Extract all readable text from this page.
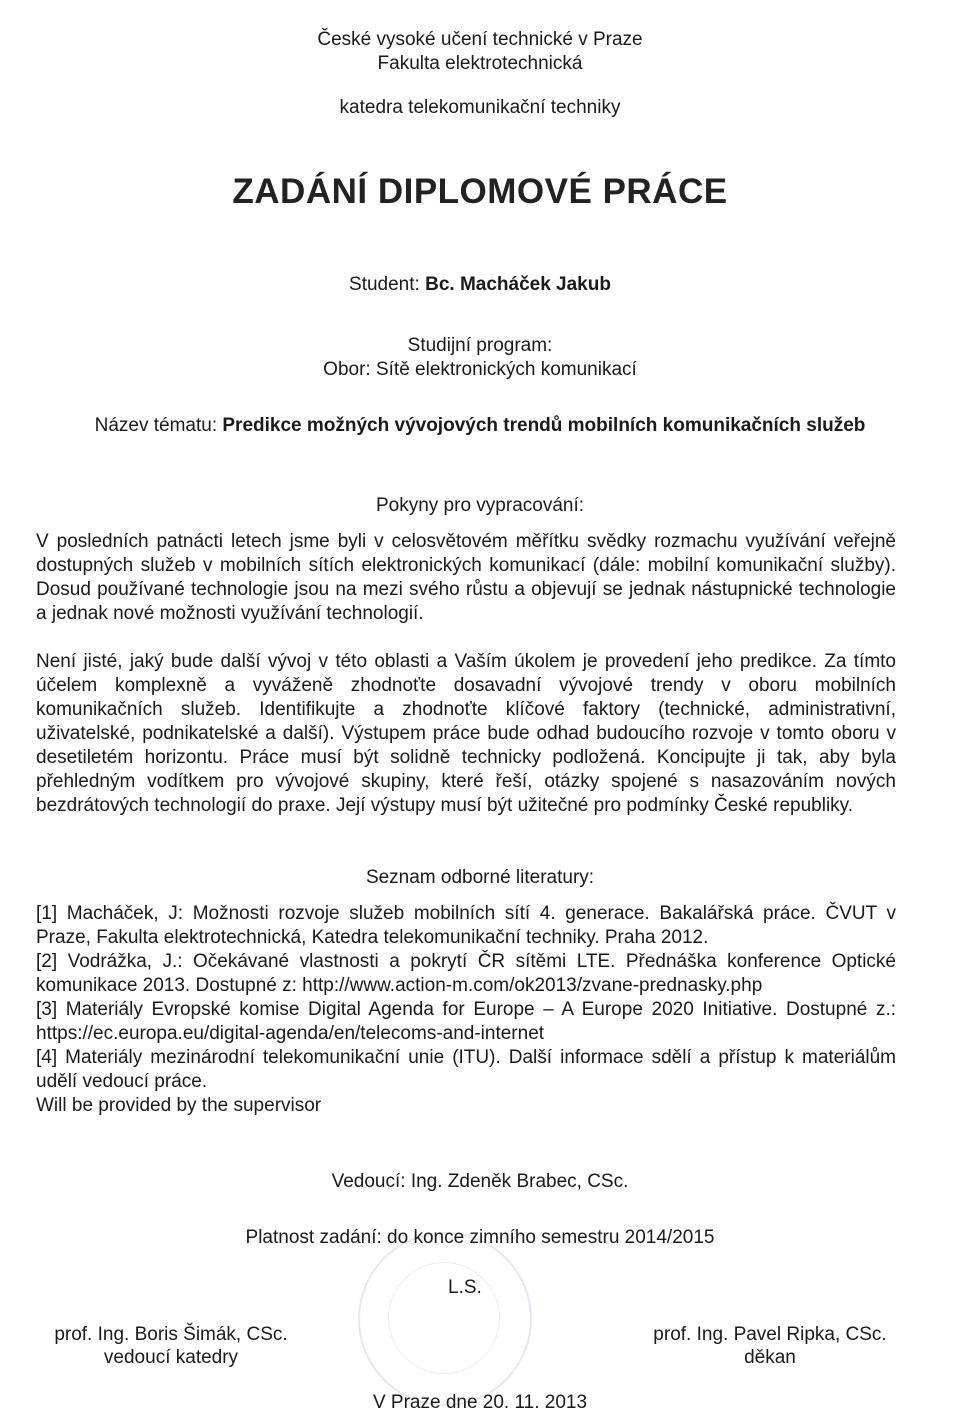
České vysoké učení technické v Praze
Fakulta elektrotechnická
katedra telekomunikační techniky
ZADÁNÍ DIPLOMOVÉ PRÁCE
Student: Bc. Macháček Jakub
Studijní program:
Obor: Sítě elektronických komunikací
Název tématu: Predikce možných vývojových trendů mobilních komunikačních služeb
Pokyny pro vypracování:

V posledních patnácti letech jsme byli v celosvětovém měřítku svědky rozmachu využívání veřejně dostupných služeb v mobilních sítích elektronických komunikací (dále: mobilní komunikační služby). Dosud používané technologie jsou na mezi svého růstu a objevují se jednak nástupnické technologie a jednak nové možnosti využívání technologií.

Není jisté, jaký bude další vývoj v této oblasti a Vaším úkolem je provedení jeho predikce. Za tímto účelem komplexně a vyváženě zhodnoťte dosavadní vývojové trendy v oboru mobilních komunikačních služeb. Identifikujte a zhodnoťte klíčové faktory (technické, administrativní, uživatelské, podnikatelské a další). Výstupem práce bude odhad budoucího rozvoje v tomto oboru v desetiletém horizontu. Práce musí být solidně technicky podložená. Koncipujte ji tak, aby byla přehledným vodítkem pro vývojové skupiny, které řeší, otázky spojené s nasazováním nových bezdrátových technologií do praxe. Její výstupy musí být užitečné pro podmínky České republiky.

Seznam odborné literatury:

[1] Macháček, J: Možnosti rozvoje služeb mobilních sítí 4. generace. Bakalářská práce. ČVUT v Praze, Fakulta elektrotechnická, Katedra telekomunikační techniky. Praha 2012.

[2] Vodrážka, J.: Očekávané vlastnosti a pokrytí ČR sítěmi LTE. Přednáška konference Optické komunikace 2013. Dostupné z: http://www.action-m.com/ok2013/zvane-prednasky.php

[3] Materiály Evropské komise Digital Agenda for Europe – A Europe 2020 Initiative. Dostupné z.: https://ec.europa.eu/digital-agenda/en/telecoms-and-internet

[4] Materiály mezinárodní telekomunikační unie (ITU). Další informace sdělí a přístup k materiálům udělí vedoucí práce.

Will be provided by the supervisor

Vedoucí: Ing. Zdeněk Brabec, CSc.
Platnost zadání: do konce zimního semestru 2014/2015
L.S.
prof. Ing. Boris Šimák, CSc.
vedoucí katedry
prof. Ing. Pavel Ripka, CSc.
děkan
V Praze dne 20. 11. 2013
